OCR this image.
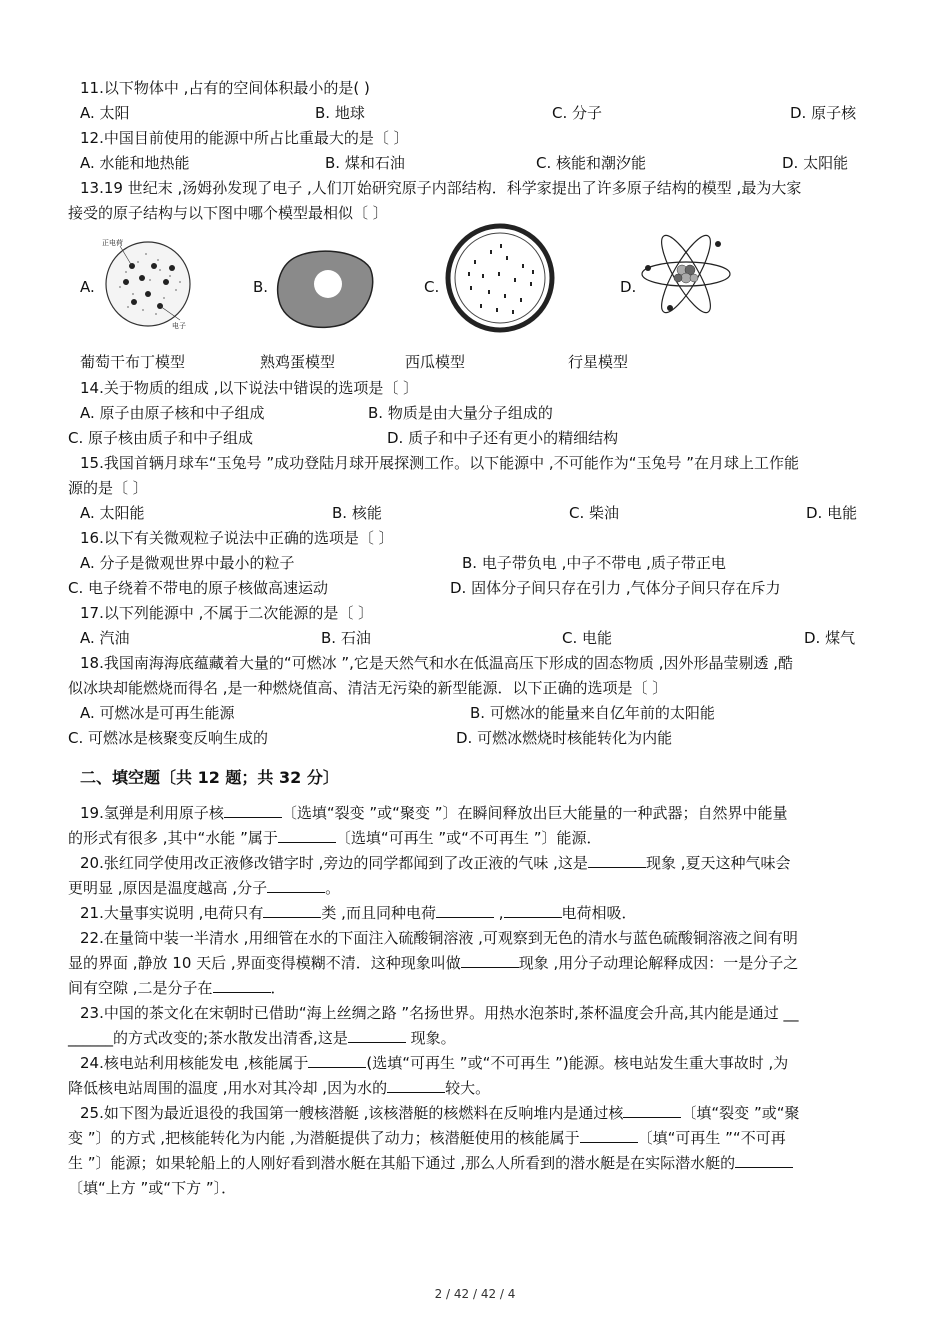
11.以下物体中 ,占有的空间体积最小的是( )
A. 太阳	B. 地球	C. 分子	D. 原子核
12.中国目前使用的能源中所占比重最大的是〔 〕
A. 水能和地热能	B. 煤和石油	C. 核能和潮汐能	D. 太阳能
13.19 世纪末 ,汤姆孙发现了电子 ,人们丌始研究原子内部结构．科学家提出了许多原子结构的模型 ,最为大家
接受的原子结构与以下图中哪个模型最相似〔 〕
A.	B.	C.	D.
正电荷
电子
葡萄干布丁模型	熟鸡蛋模型	西瓜模型	行星模型
14.关于物质的组成 ,以下说法中错误的选项是〔 〕
A. 原子由原子核和中子组成	B. 物质是由大量分子组成的
C. 原子核由质子和中子组成	D. 质子和中子还有更小的精细结构
15.我国首辆月球车“玉兔号 ”成功登陆月球开展探测工作。以下能源中 ,不可能作为“玉兔号 ”在月球上工作能
源的是〔 〕
A. 太阳能	B. 核能	C. 柴油	D. 电能
16.以下有关微观粒子说法中正确的选项是〔 〕
A. 分子是微观世界中最小的粒子	B. 电子带负电 ,中子不带电 ,质子带正电
C. 电子绕着不带电的原子核做高速运动	D. 固体分子间只存在引力 ,气体分子间只存在斥力
17.以下列能源中 ,不属于二次能源的是〔 〕
A. 汽油	B. 石油	C. 电能	D. 煤气
18.我国南海海底蕴藏着大量的“可燃冰 ”,它是天然气和水在低温高压下形成的固态物质 ,因外形晶莹剔透 ,酷
似冰块却能燃烧而得名 ,是一种燃烧值高、清洁无污染的新型能源．以下正确的选项是〔 〕
A. 可燃冰是可再生能源	B. 可燃冰的能量来自亿年前的太阳能
C. 可燃冰是核聚变反响生成的	D. 可燃冰燃烧时核能转化为内能
二、填空题〔共 12 题；共 32 分〕
19.氢弹是利用原子核	〔选填“裂变 ”或“聚变 ”〕在瞬间释放出巨大能量的一种武器；自然界中能量
的形式有很多 ,其中“水能 ”属于	〔选填“可再生 ”或“不可再生 ”〕能源．
20.张红同学使用改正液修改错字时 ,旁边的同学都闻到了改正液的气味 ,这是	现象 ,夏天这种气味会
更明显 ,原因是温度越高 ,分子	。
21.大量事实说明 ,电荷只有	类 ,而且同种电荷	,	电荷相吸．
22.在量筒中装一半清水 ,用细管在水的下面注入硫酸铜溶液 ,可观察到无色的清水与蓝色硫酸铜溶液之间有明
显的界面 ,静放 10 天后 ,界面变得模糊不清．这种现象叫做	现象 ,用分子动理论解释成因：一是分子之
间有空隙 ,二是分子在	．
23.中国的茶文化在宋朝时已借助“海上丝绸之路 ”名扬世界。用热水泡茶时,茶杯温度会升高,其内能是通过 __
______的方式改变的;茶水散发出清香,这是	现象。
24.核电站利用核能发电 ,核能属于	(选填“可再生 ”或“不可再生 ”)能源。核电站发生重大事故时 ,为
降低核电站周围的温度 ,用水对其冷却 ,因为水的	较大。
25.如下图为最近退役的我国第一艘核潜艇 ,该核潜艇的核燃料在反响堆内是通过核	〔填“裂变 ”或“聚
变 ”〕的方式 ,把核能转化为内能 ,为潜艇提供了动力；核潜艇使用的核能属于	〔填“可再生 ”“不可再
生 ”〕能源；如果轮船上的人刚好看到潜水艇在其船下通过 ,那么人所看到的潜水艇是在实际潜水艇的
〔填“上方 ”或“下方 ”〕．
2 / 42 / 42 / 4
